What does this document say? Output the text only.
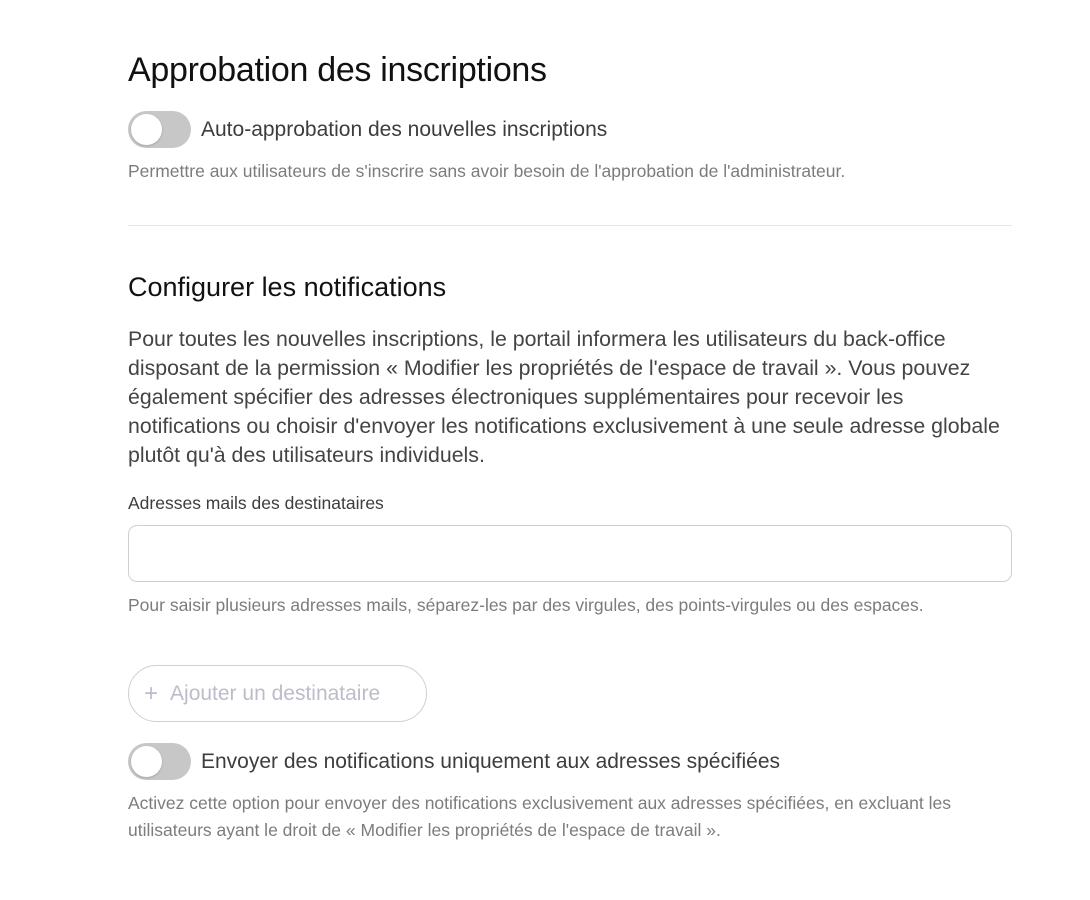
Approbation des inscriptions
Auto-approbation des nouvelles inscriptions
Permettre aux utilisateurs de s'inscrire sans avoir besoin de l'approbation de l'administrateur.
Configurer les notifications
Pour toutes les nouvelles inscriptions, le portail informera les utilisateurs du back-office disposant de la permission « Modifier les propriétés de l'espace de travail ». Vous pouvez également spécifier des adresses électroniques supplémentaires pour recevoir les notifications ou choisir d'envoyer les notifications exclusivement à une seule adresse globale plutôt qu'à des utilisateurs individuels.
Adresses mails des destinataires
Pour saisir plusieurs adresses mails, séparez-les par des virgules, des points-virgules ou des espaces.
+ Ajouter un destinataire
Envoyer des notifications uniquement aux adresses spécifiées
Activez cette option pour envoyer des notifications exclusivement aux adresses spécifiées, en excluant les utilisateurs ayant le droit de « Modifier les propriétés de l'espace de travail ».
